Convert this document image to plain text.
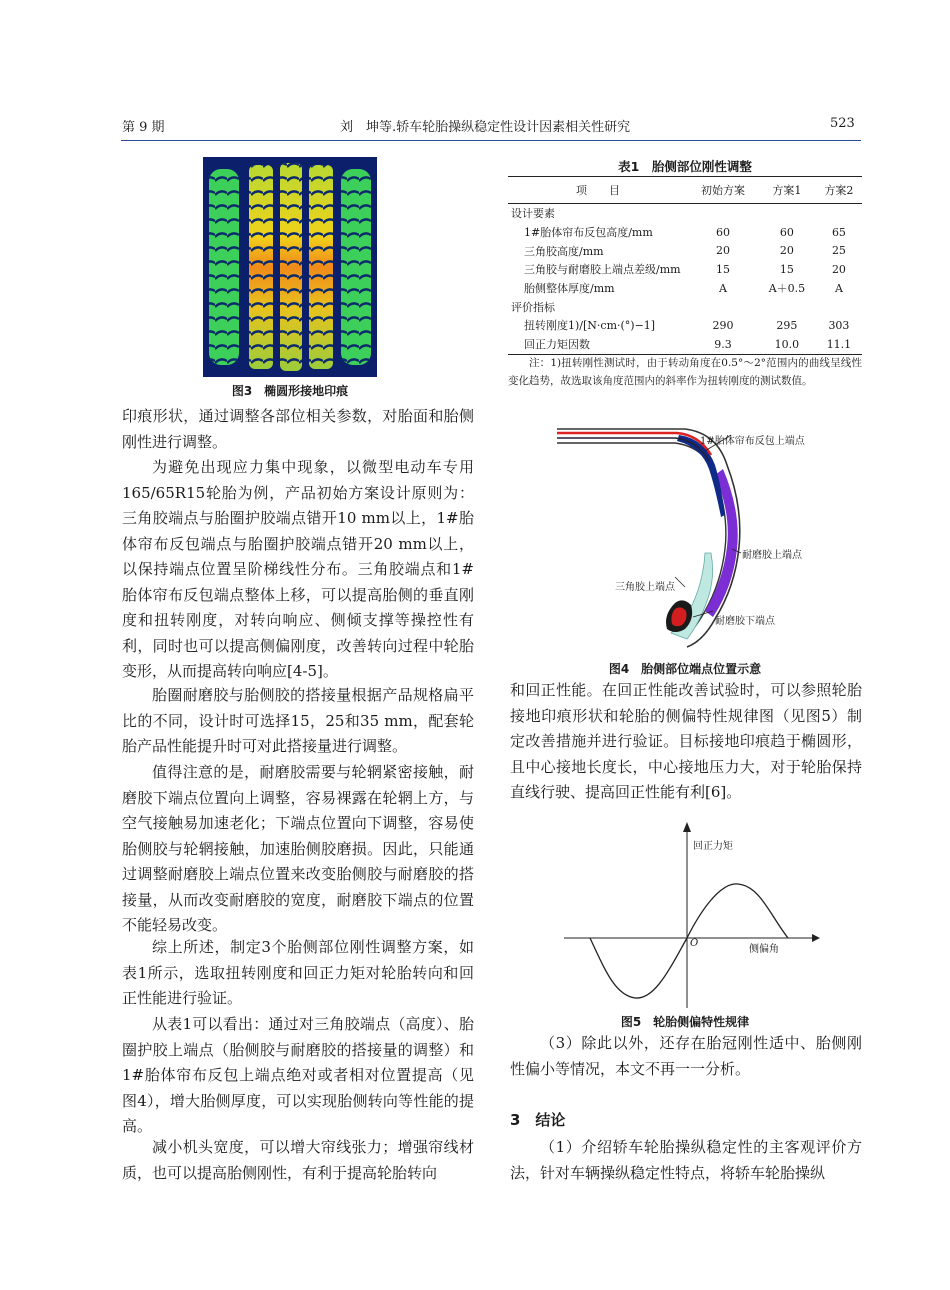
第 9 期	刘　坤等.轿车轮胎操纵稳定性设计因素相关性研究	523
图3　椭圆形接地印痕

印痕形状，通过调整各部位相关参数，对胎面和胎侧刚性进行调整。

为避免出现应力集中现象，以微型电动车专用165/65R15轮胎为例，产品初始方案设计原则为：三角胶端点与胎圈护胶端点错开10 mm以上，1#胎体帘布反包端点与胎圈护胶端点错开20 mm以上，以保持端点位置呈阶梯线性分布。三角胶端点和1#胎体帘布反包端点整体上移，可以提高胎侧的垂直刚度和扭转刚度，对转向响应、侧倾支撑等操控性有利，同时也可以提高侧偏刚度，改善转向过程中轮胎变形，从而提高转向响应[4-5]。

胎圈耐磨胶与胎侧胶的搭接量根据产品规格扁平比的不同，设计时可选择15，25和35 mm，配套轮胎产品性能提升时可对此搭接量进行调整。

值得注意的是，耐磨胶需要与轮辋紧密接触，耐磨胶下端点位置向上调整，容易裸露在轮辋上方，与空气接触易加速老化；下端点位置向下调整，容易使胎侧胶与轮辋接触，加速胎侧胶磨损。因此，只能通过调整耐磨胶上端点位置来改变胎侧胶与耐磨胶的搭接量，从而改变耐磨胶的宽度，耐磨胶下端点的位置不能轻易改变。

综上所述，制定3个胎侧部位刚性调整方案，如表1所示，选取扭转刚度和回正力矩对轮胎转向和回正性能进行验证。

从表1可以看出：通过对三角胶端点（高度）、胎圈护胶上端点（胎侧胶与耐磨胶的搭接量的调整）和1#胎体帘布反包上端点绝对或者相对位置提高（见图4），增大胎侧厚度，可以实现胎侧转向等性能的提高。

减小机头宽度，可以增大帘线张力；增强帘线材质，也可以提高胎侧刚性，有利于提高轮胎转向

表1　胎侧部位刚性调整
项　　目	初始方案	方案1	方案2
设计要素			
1#胎体帘布反包高度/mm	60	60	65
三角胶高度/mm	20	20	25
三角胶与耐磨胶上端点差级/mm	15	15	20
胎侧整体厚度/mm	A	A＋0.5	A
评价指标			
扭转刚度1)/[N·cm·(°)−1]	290	295	303
回正力矩因数	9.3	10.0	11.1

注：1)扭转刚性测试时，由于转动角度在0.5°～2°范围内的曲线呈线性变化趋势，故选取该角度范围内的斜率作为扭转刚度的测试数值。

1#胎体帘布反包上端点
耐磨胶上端点
三角胶上端点
耐磨胶下端点
图4　胎侧部位端点位置示意

和回正性能。在回正性能改善试验时，可以参照轮胎接地印痕形状和轮胎的侧偏特性规律图（见图5）制定改善措施并进行验证。目标接地印痕趋于椭圆形，且中心接地长度长，中心接地压力大，对于轮胎保持直线行驶、提高回正性能有利[6]。

回正力矩
侧偏角
O
图5　轮胎侧偏特性规律

（3）除此以外，还存在胎冠刚性适中、胎侧刚性偏小等情况，本文不再一一分析。

3　结论

（1）介绍轿车轮胎操纵稳定性的主客观评价方法，针对车辆操纵稳定性特点，将轿车轮胎操纵
